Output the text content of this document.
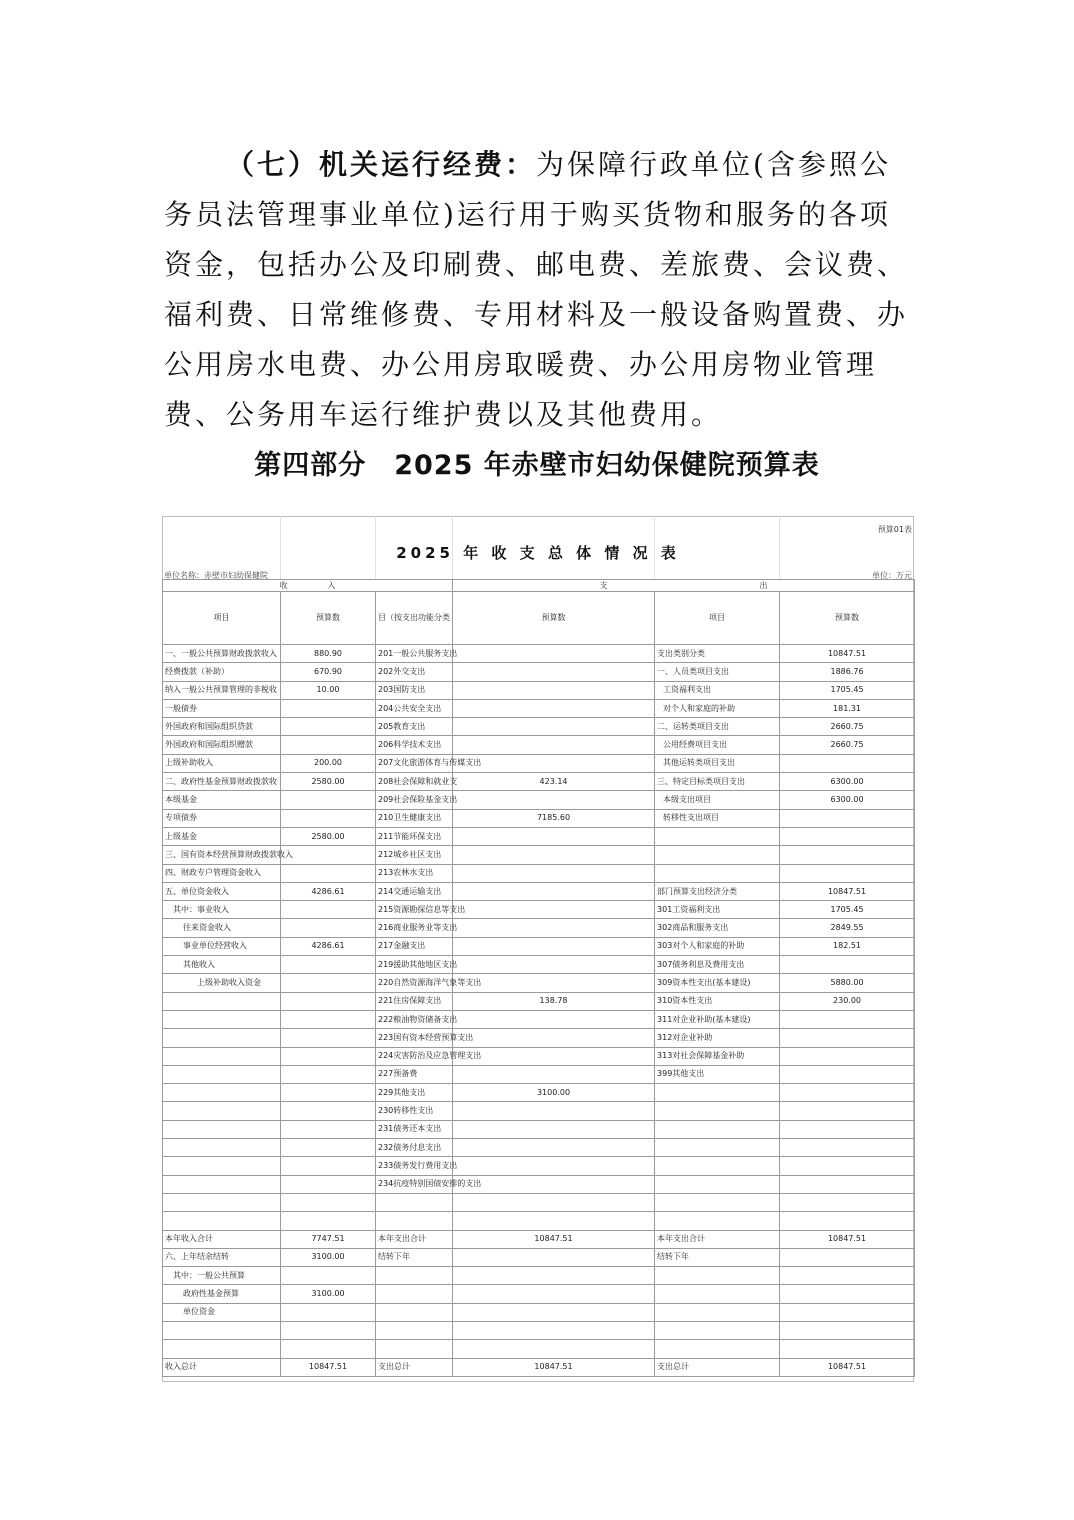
（七）机关运行经费：为保障行政单位(含参照公务员法管理事业单位)运行用于购买货物和服务的各项资金，包括办公及印刷费、邮电费、差旅费、会议费、福利费、日常维修费、专用材料及一般设备购置费、办公用房水电费、办公用房取暖费、办公用房物业管理费、公务用车运行维护费以及其他费用。

第四部分　2025 年赤壁市妇幼保健院预算表
预算01表
2025 年 收 支 总 体 情 况 表
单位名称：赤壁市妇幼保健院	单位：万元
收　　　　　入			支　　　　　　　　　　　　　　　　　　　出		
项目	预算数	目（按支出功能分类	预算数	项目	预算数
一、一般公共预算财政拨款收入	880.90	201一般公共服务支出		支出类别分类	10847.51
经费拨款（补助）	670.90	202外交支出		一、人员类项目支出	1886.76
纳入一般公共预算管理的非税收	10.00	203国防支出		工资福利支出	1705.45
一般债券		204公共安全支出		对个人和家庭的补助	181.31
外国政府和国际组织贷款		205教育支出		二、运转类项目支出	2660.75
外国政府和国际组织赠款		206科学技术支出		公用经费项目支出	2660.75
上级补助收入	200.00	207文化旅游体育与传媒支出		其他运转类项目支出	
二、政府性基金预算财政拨款收	2580.00	208社会保障和就业支	423.14	三、特定目标类项目支出	6300.00
本级基金		209社会保险基金支出		本级支出项目	6300.00
专项债券		210卫生健康支出	7185.60	转移性支出项目	
上级基金	2580.00	211节能环保支出			
三、国有资本经营预算财政拨款收入		212城乡社区支出			
四、财政专户管理资金收入		213农林水支出			
五、单位资金收入	4286.61	214交通运输支出		部门预算支出经济分类	10847.51
其中：事业收入		215资源勘探信息等支出		301工资福利支出	1705.45
往来资金收入		216商业服务业等支出		302商品和服务支出	2849.55
事业单位经营收入	4286.61	217金融支出		303对个人和家庭的补助	182.51
其他收入		219援助其他地区支出		307债务利息及费用支出	
上级补助收入资金		220自然资源海洋气象等支出		309资本性支出(基本建设)	5880.00
		221住房保障支出	138.78	310资本性支出	230.00
		222粮油物资储备支出		311对企业补助(基本建设)	
		223国有资本经营预算支出		312对企业补助	
		224灾害防治及应急管理支出		313对社会保障基金补助	
		227预备费		399其他支出	
		229其他支出	3100.00		
		230转移性支出			
		231债务还本支出			
		232债务付息支出			
		233债务发行费用支出			
		234抗疫特别国债安排的支出			

本年收入合计	7747.51	本年支出合计	10847.51	本年支出合计	10847.51
六、上年结余结转	3100.00	结转下年		结转下年	
其中：一般公共预算					
政府性基金预算	3100.00				
单位资金					

收入总计	10847.51	支出总计	10847.51	支出总计	10847.51
